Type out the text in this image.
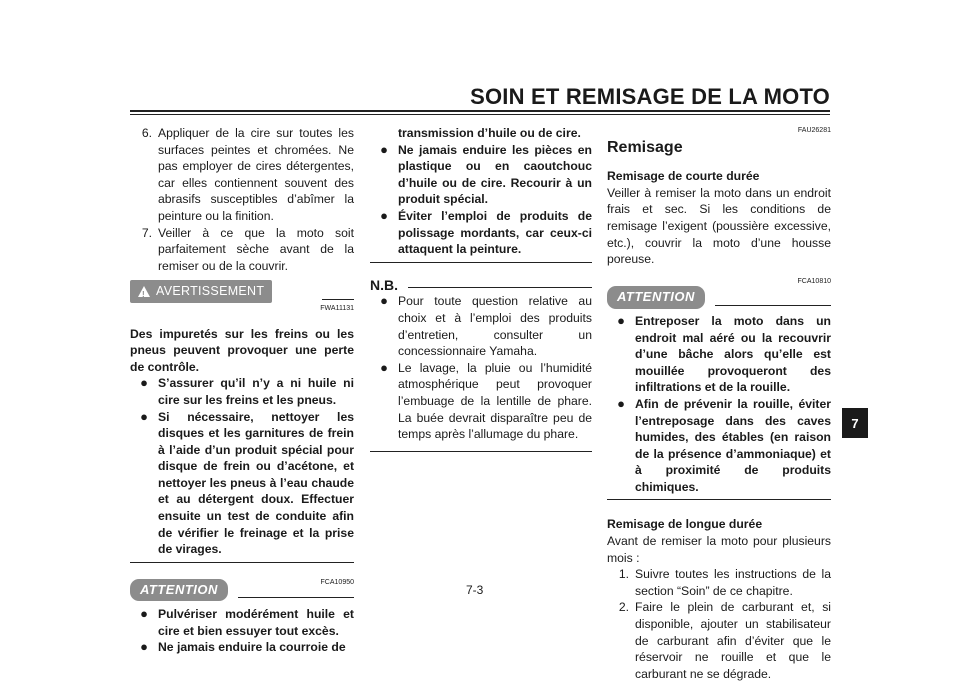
SOIN ET REMISAGE DE LA MOTO
6. Appliquer de la cire sur toutes les surfaces peintes et chromées. Ne pas employer de cires détergentes, car elles contiennent souvent des abrasifs susceptibles d’abîmer la peinture ou la finition.
7. Veiller à ce que la moto soit parfaitement sèche avant de la remiser ou de la couvrir.
! AVERTISSEMENT
FWA11131
Des impuretés sur les freins ou les pneus peuvent provoquer une perte de contrôle.
● S’assurer qu’il n’y a ni huile ni cire sur les freins et les pneus.
● Si nécessaire, nettoyer les disques et les garnitures de frein à l’aide d’un produit spécial pour disque de frein ou d’acétone, et nettoyer les pneus à l’eau chaude et au détergent doux. Effectuer ensuite un test de conduite afin de vérifier le freinage et la prise de virages.
ATTENTION	FCA10950
● Pulvériser modérément huile et cire et bien essuyer tout excès.
● Ne jamais enduire la courroie de
transmission d’huile ou de cire.
● Ne jamais enduire les pièces en plastique ou en caoutchouc d’huile ou de cire. Recourir à un produit spécial.
● Éviter l’emploi de produits de polissage mordants, car ceux-ci attaquent la peinture.
N.B.
● Pour toute question relative au choix et à l’emploi des produits d’entretien, consulter un concessionnaire Yamaha.
● Le lavage, la pluie ou l’humidité atmosphérique peut provoquer l’embuage de la lentille de phare. La buée devrait disparaître peu de temps après l’allumage du phare.
FAU26281
Remisage
Remisage de courte durée
Veiller à remiser la moto dans un endroit frais et sec. Si les conditions de remisage l’exigent (poussière excessive, etc.), couvrir la moto d’une housse poreuse.
FCA10810
ATTENTION
● Entreposer la moto dans un endroit mal aéré ou la recouvrir d’une bâche alors qu’elle est mouillée provoqueront des infiltrations et de la rouille.
● Afin de prévenir la rouille, éviter l’entreposage dans des caves humides, des étables (en raison de la présence d’ammoniaque) et à proximité de produits chimiques.
Remisage de longue durée
Avant de remiser la moto pour plusieurs mois :
1. Suivre toutes les instructions de la section “Soin” de ce chapitre.
2. Faire le plein de carburant et, si disponible, ajouter un stabilisateur de carburant afin d’éviter que le réservoir ne rouille et que le carburant ne se dégrade.
7-3
7
